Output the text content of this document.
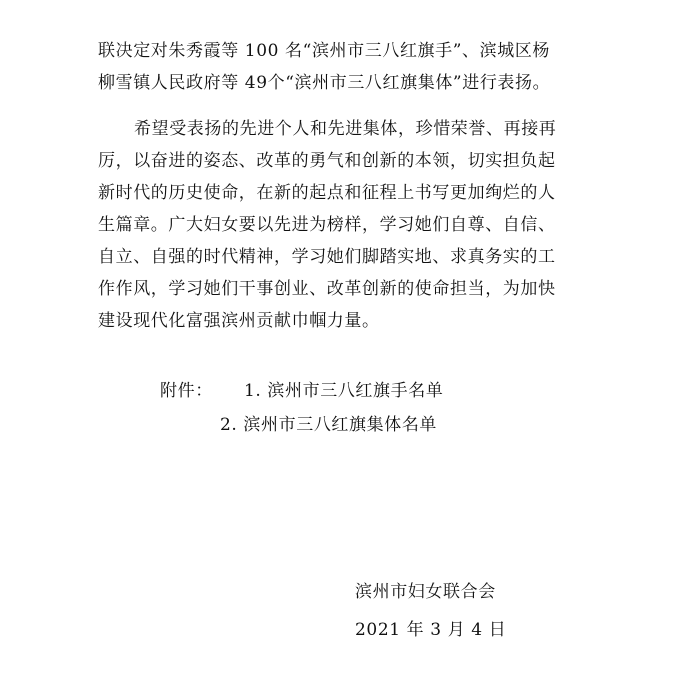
联决定对朱秀霞等 100 名“滨州市三八红旗手”、滨城区杨
柳雪镇人民政府等 49个“滨州市三八红旗集体”进行表扬。
希望受表扬的先进个人和先进集体，珍惜荣誉、再接再
厉，以奋进的姿态、改革的勇气和创新的本领，切实担负起
新时代的历史使命，在新的起点和征程上书写更加绚烂的人
生篇章。广大妇女要以先进为榜样，学习她们自尊、自信、
自立、自强的时代精神，学习她们脚踏实地、求真务实的工
作作风，学习她们干事创业、改革创新的使命担当，为加快
建设现代化富强滨州贡献巾帼力量。
附件： 1. 滨州市三八红旗手名单
2. 滨州市三八红旗集体名单
滨州市妇女联合会
2021 年 3 月 4 日
